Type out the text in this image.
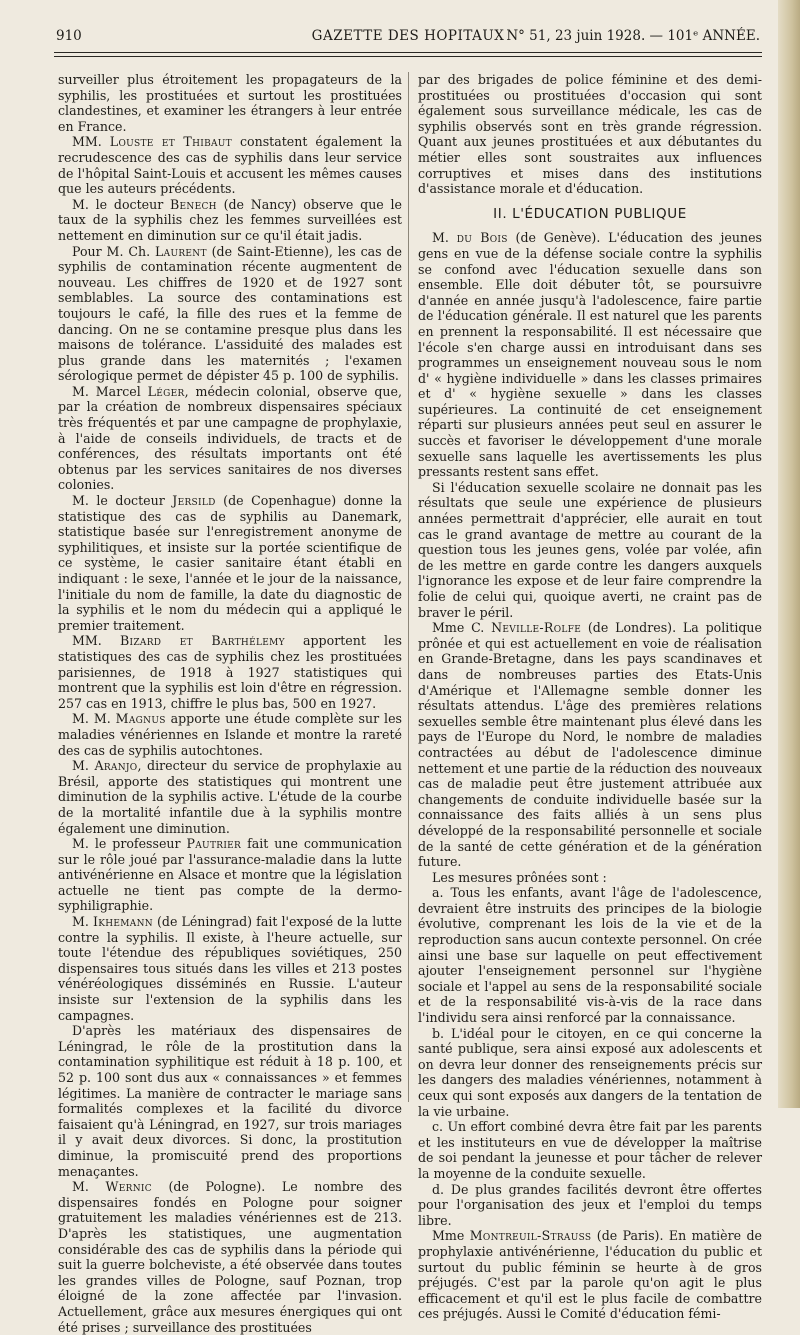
910	GAZETTE DES HOPITAUX N° 51, 23 juin 1928. — 101ᵉ ANNÉE.

surveiller plus étroitement les propagateurs de la syphilis, les prostituées et surtout les prostituées clandestines, et examiner les étrangers à leur entrée en France.

MM. Louste et Thibaut constatent également la recrudescence des cas de syphilis dans leur service de l'hôpital Saint-Louis et accusent les mêmes causes que les auteurs précédents.

M. le docteur Benech (de Nancy) observe que le taux de la syphilis chez les femmes surveillées est nettement en diminution sur ce qu'il était jadis.

Pour M. Ch. Laurent (de Saint-Etienne), les cas de syphilis de contamination récente augmentent de nouveau. Les chiffres de 1920 et de 1927 sont semblables. La source des contaminations est toujours le café, la fille des rues et la femme de dancing. On ne se contamine presque plus dans les maisons de tolérance. L'assiduité des malades est plus grande dans les maternités ; l'examen sérologique permet de dépister 45 p. 100 de syphilis.

M. Marcel Léger, médecin colonial, observe que, par la création de nombreux dispensaires spéciaux très fréquentés et par une campagne de prophylaxie, à l'aide de conseils individuels, de tracts et de conférences, des résultats importants ont été obtenus par les services sanitaires de nos diverses colonies.

M. le docteur Jersild (de Copenhague) donne la statistique des cas de syphilis au Danemark, statistique basée sur l'enregistrement anonyme de syphilitiques, et insiste sur la portée scientifique de ce système, le casier sanitaire étant établi en indiquant : le sexe, l'année et le jour de la naissance, l'initiale du nom de famille, la date du diagnostic de la syphilis et le nom du médecin qui a appliqué le premier traitement.

MM. Bizard et Barthélemy apportent les statistiques des cas de syphilis chez les prostituées parisiennes, de 1918 à 1927 statistiques qui montrent que la syphilis est loin d'être en régression. 257 cas en 1913, chiffre le plus bas, 500 en 1927.

M. M. Magnus apporte une étude complète sur les maladies vénériennes en Islande et montre la rareté des cas de syphilis autochtones.

M. Aranjo, directeur du service de prophylaxie au Brésil, apporte des statistiques qui montrent une diminution de la syphilis active. L'étude de la courbe de la mortalité infantile due à la syphilis montre également une diminution.

M. le professeur Pautrier fait une communication sur le rôle joué par l'assurance-maladie dans la lutte antivénérienne en Alsace et montre que la législation actuelle ne tient pas compte de la dermo-syphiligraphie.

M. Ikhemann (de Léningrad) fait l'exposé de la lutte contre la syphilis. Il existe, à l'heure actuelle, sur toute l'étendue des républiques soviétiques, 250 dispensaires tous situés dans les villes et 213 postes vénéréologiques disséminés en Russie. L'auteur insiste sur l'extension de la syphilis dans les campagnes.

D'après les matériaux des dispensaires de Léningrad, le rôle de la prostitution dans la contamination syphilitique est réduit à 18 p. 100, et 52 p. 100 sont dus aux « connaissances » et femmes légitimes. La manière de contracter le mariage sans formalités complexes et la facilité du divorce faisaient qu'à Léningrad, en 1927, sur trois mariages il y avait deux divorces. Si donc, la prostitution diminue, la promiscuité prend des proportions menaçantes.

M. Wernic (de Pologne). Le nombre des dispensaires fondés en Pologne pour soigner gratuitement les maladies vénériennes est de 213. D'après les statistiques, une augmentation considérable des cas de syphilis dans la période qui suit la guerre bolcheviste, a été observée dans toutes les grandes villes de Pologne, sauf Poznan, trop éloigné de la zone affectée par l'invasion. Actuellement, grâce aux mesures énergiques qui ont été prises ; surveillance des prostituées

par des brigades de police féminine et des demi-prostituées ou prostituées d'occasion qui sont également sous surveillance médicale, les cas de syphilis observés sont en très grande régression. Quant aux jeunes prostituées et aux débutantes du métier elles sont soustraites aux influences corruptives et mises dans des institutions d'assistance morale et d'éducation.

II. L'ÉDUCATION PUBLIQUE

M. du Bois (de Genève). L'éducation des jeunes gens en vue de la défense sociale contre la syphilis se confond avec l'éducation sexuelle dans son ensemble. Elle doit débuter tôt, se poursuivre d'année en année jusqu'à l'adolescence, faire partie de l'éducation générale. Il est naturel que les parents en prennent la responsabilité. Il est nécessaire que l'école s'en charge aussi en introduisant dans ses programmes un enseignement nouveau sous le nom d' « hygiène individuelle » dans les classes primaires et d' « hygiène sexuelle » dans les classes supérieures. La continuité de cet enseignement réparti sur plusieurs années peut seul en assurer le succès et favoriser le développement d'une morale sexuelle sans laquelle les avertissements les plus pressants restent sans effet.

Si l'éducation sexuelle scolaire ne donnait pas les résultats que seule une expérience de plusieurs années permettrait d'apprécier, elle aurait en tout cas le grand avantage de mettre au courant de la question tous les jeunes gens, volée par volée, afin de les mettre en garde contre les dangers auxquels l'ignorance les expose et de leur faire comprendre la folie de celui qui, quoique averti, ne craint pas de braver le péril.

Mme C. Neville-Rolfe (de Londres). La politique prônée et qui est actuellement en voie de réalisation en Grande-Bretagne, dans les pays scandinaves et dans de nombreuses parties des Etats-Unis d'Amérique et l'Allemagne semble donner les résultats attendus. L'âge des premières relations sexuelles semble être maintenant plus élevé dans les pays de l'Europe du Nord, le nombre de maladies contractées au début de l'adolescence diminue nettement et une partie de la réduction des nouveaux cas de maladie peut être justement attribuée aux changements de conduite individuelle basée sur la connaissance des faits alliés à un sens plus développé de la responsabilité personnelle et sociale de la santé de cette génération et de la génération future.

Les mesures prônées sont :

a. Tous les enfants, avant l'âge de l'adolescence, devraient être instruits des principes de la biologie évolutive, comprenant les lois de la vie et de la reproduction sans aucun contexte personnel. On crée ainsi une base sur laquelle on peut effectivement ajouter l'enseignement personnel sur l'hygiène sociale et l'appel au sens de la responsabilité sociale et de la responsabilité vis-à-vis de la race dans l'individu sera ainsi renforcé par la connaissance.

b. L'idéal pour le citoyen, en ce qui concerne la santé publique, sera ainsi exposé aux adolescents et on devra leur donner des renseignements précis sur les dangers des maladies vénériennes, notamment à ceux qui sont exposés aux dangers de la tentation de la vie urbaine.

c. Un effort combiné devra être fait par les parents et les instituteurs en vue de développer la maîtrise de soi pendant la jeunesse et pour tâcher de relever la moyenne de la conduite sexuelle.

d. De plus grandes facilités devront être offertes pour l'organisation des jeux et l'emploi du temps libre.

Mme Montreuil-Strauss (de Paris). En matière de prophylaxie antivénérienne, l'éducation du public et surtout du public féminin se heurte à de gros préjugés. C'est par la parole qu'on agit le plus efficacement et qu'il est le plus facile de combattre ces préjugés. Aussi le Comité d'éducation fémi-
